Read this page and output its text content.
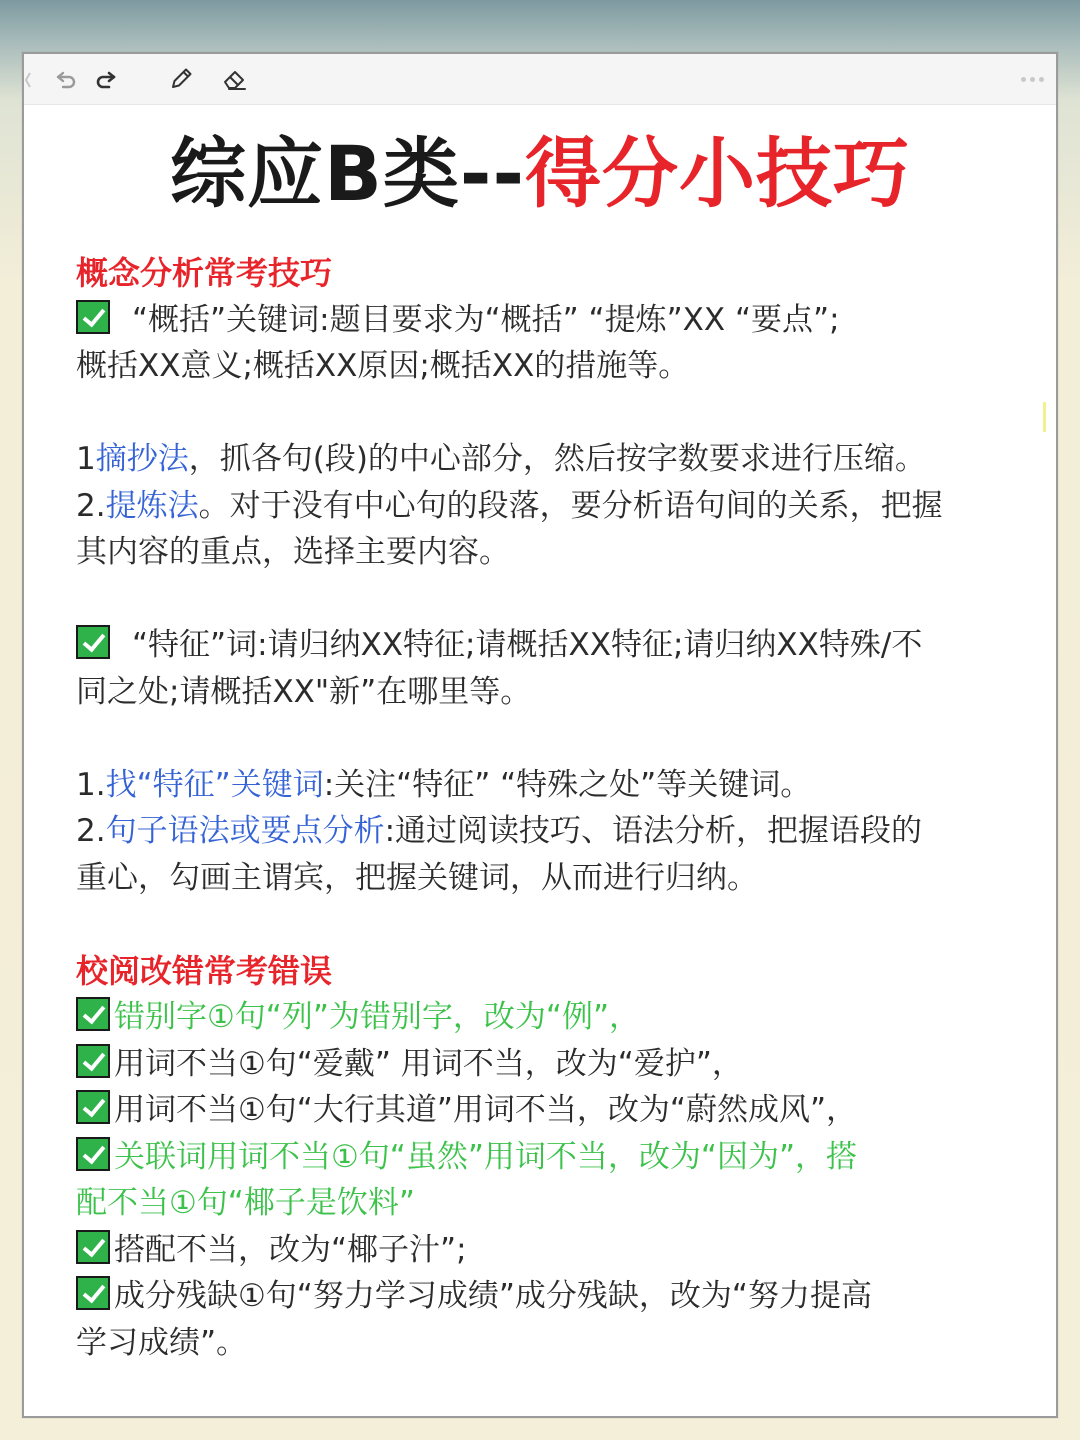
综应B类--得分小技巧

概念分析常考技巧

“概括”关键词:题目要求为“概括” “提炼”XX “要点”;

概括XX意义;概括XX原因;概括XX的措施等。

1摘抄法，抓各句(段)的中心部分，然后按字数要求进行压缩。

2.提炼法。对于没有中心句的段落，要分析语句间的关系，把握

其内容的重点，选择主要内容。

“特征”词:请归纳XX特征;请概括XX特征;请归纳XX特殊/不

同之处;请概括XX"新”在哪里等。

1.找“特征”关键词:关注“特征” “特殊之处”等关键词。

2.句子语法或要点分析:通过阅读技巧、语法分析，把握语段的

重心，勾画主谓宾，把握关键词，从而进行归纳。

校阅改错常考错误

错别字①句“列”为错别字，改为“例”，

用词不当①句“爱戴” 用词不当，改为“爱护”，

用词不当①句“大行其道”用词不当，改为“蔚然成风”，

关联词用词不当①句“虽然”用词不当，改为“因为”，搭

配不当①句“椰子是饮料”

搭配不当，改为“椰子汁”;

成分残缺①句“努力学习成绩”成分残缺，改为“努力提高

学习成绩”。
